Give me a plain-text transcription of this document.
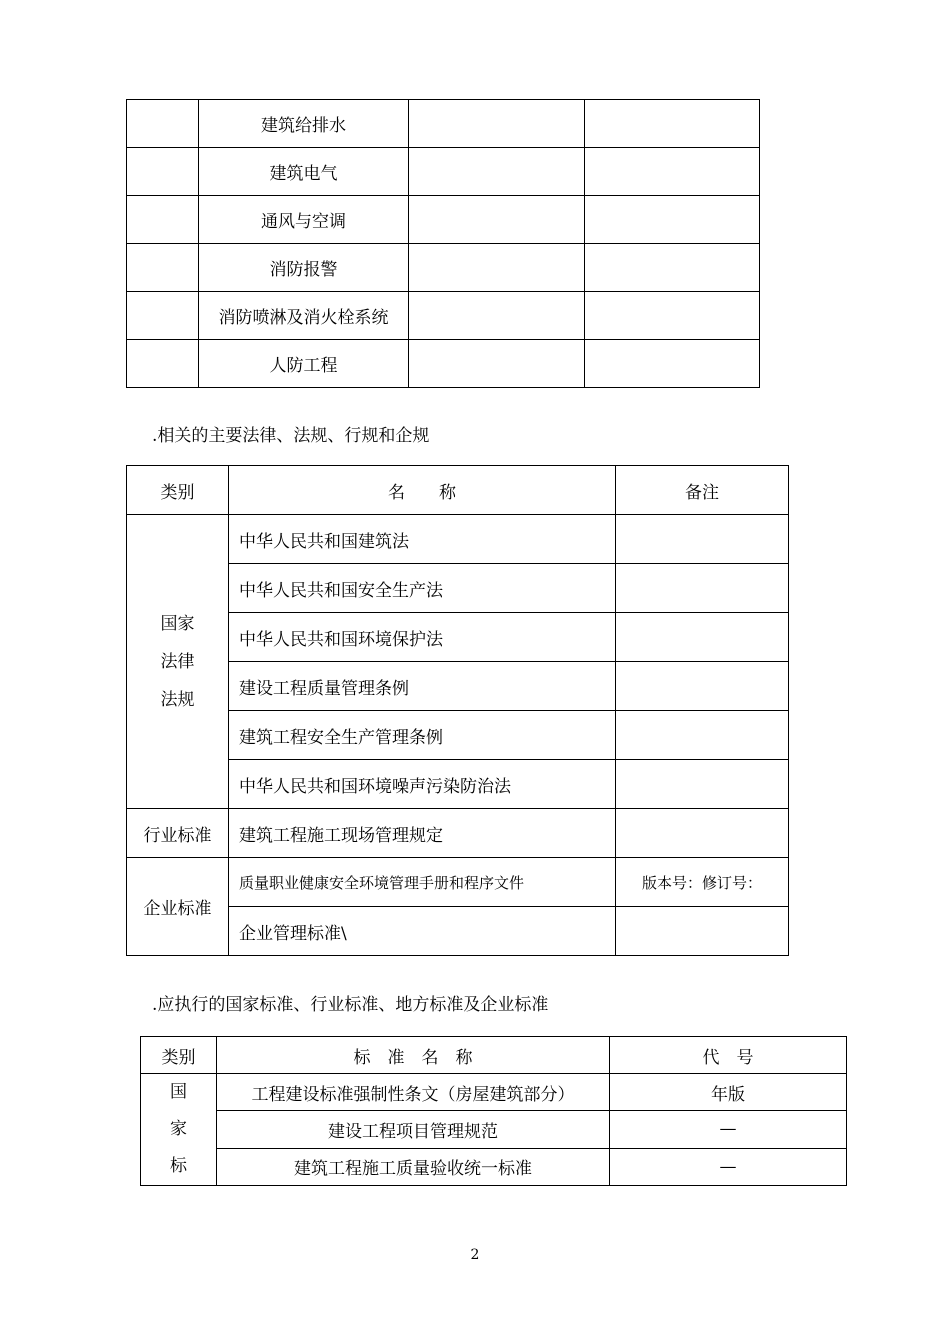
	建筑给排水		
	建筑电气		
	通风与空调		
	消防报警		
	消防喷淋及消火栓系统		
	人防工程		

.相关的主要法律、法规、行规和企规

类别	名　　称	备注

国家
法律
法规	中华人民共和国建筑法	
	中华人民共和国安全生产法	
	中华人民共和国环境保护法	
	建设工程质量管理条例	
	建筑工程安全生产管理条例	
	中华人民共和国环境噪声污染防治法	
行业标准	建筑工程施工现场管理规定	
企业标准	质量职业健康安全环境管理手册和程序文件	版本号：修订号：
	企业管理标准\	

.应执行的国家标准、行业标准、地方标准及企业标准

类别	标　准　名　称	代　号

国
家
标	工程建设标准强制性条文（房屋建筑部分）	年版
	建设工程项目管理规范	—
	建筑工程施工质量验收统一标准	—
2
